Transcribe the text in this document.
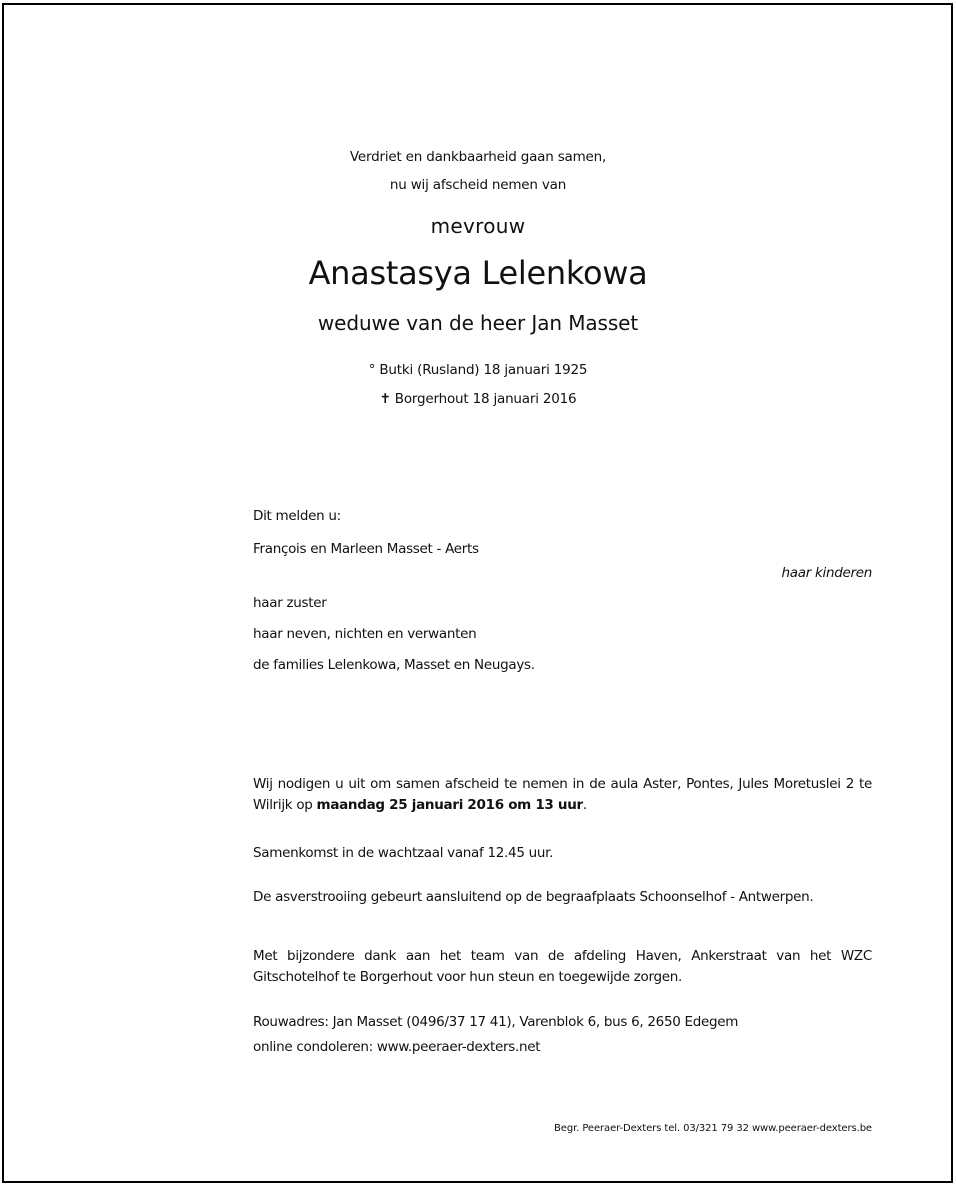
Verdriet en dankbaarheid gaan samen,
nu wij afscheid nemen van
mevrouw
Anastasya Lelenkowa
weduwe van de heer Jan Masset
° Butki (Rusland) 18 januari 1925
✝ Borgerhout 18 januari 2016
Dit melden u:
François en Marleen Masset - Aerts
haar kinderen
haar zuster
haar neven, nichten en verwanten
de families Lelenkowa, Masset en Neugays.
Wij nodigen u uit om samen afscheid te nemen in de aula Aster, Pontes, Jules Moretuslei 2 te Wilrijk op maandag 25 januari 2016 om 13 uur.
Samenkomst in de wachtzaal vanaf 12.45 uur.
De asverstrooiing gebeurt aansluitend op de begraafplaats Schoonselhof - Antwerpen.
Met bijzondere dank aan het team van de afdeling Haven, Ankerstraat van het WZC Gitschotelhof te Borgerhout voor hun steun en toegewijde zorgen.
Rouwadres: Jan Masset (0496/37 17 41), Varenblok 6, bus 6, 2650 Edegem
online condoleren: www.peeraer-dexters.net
Begr. Peeraer-Dexters tel. 03/321 79 32 www.peeraer-dexters.be
